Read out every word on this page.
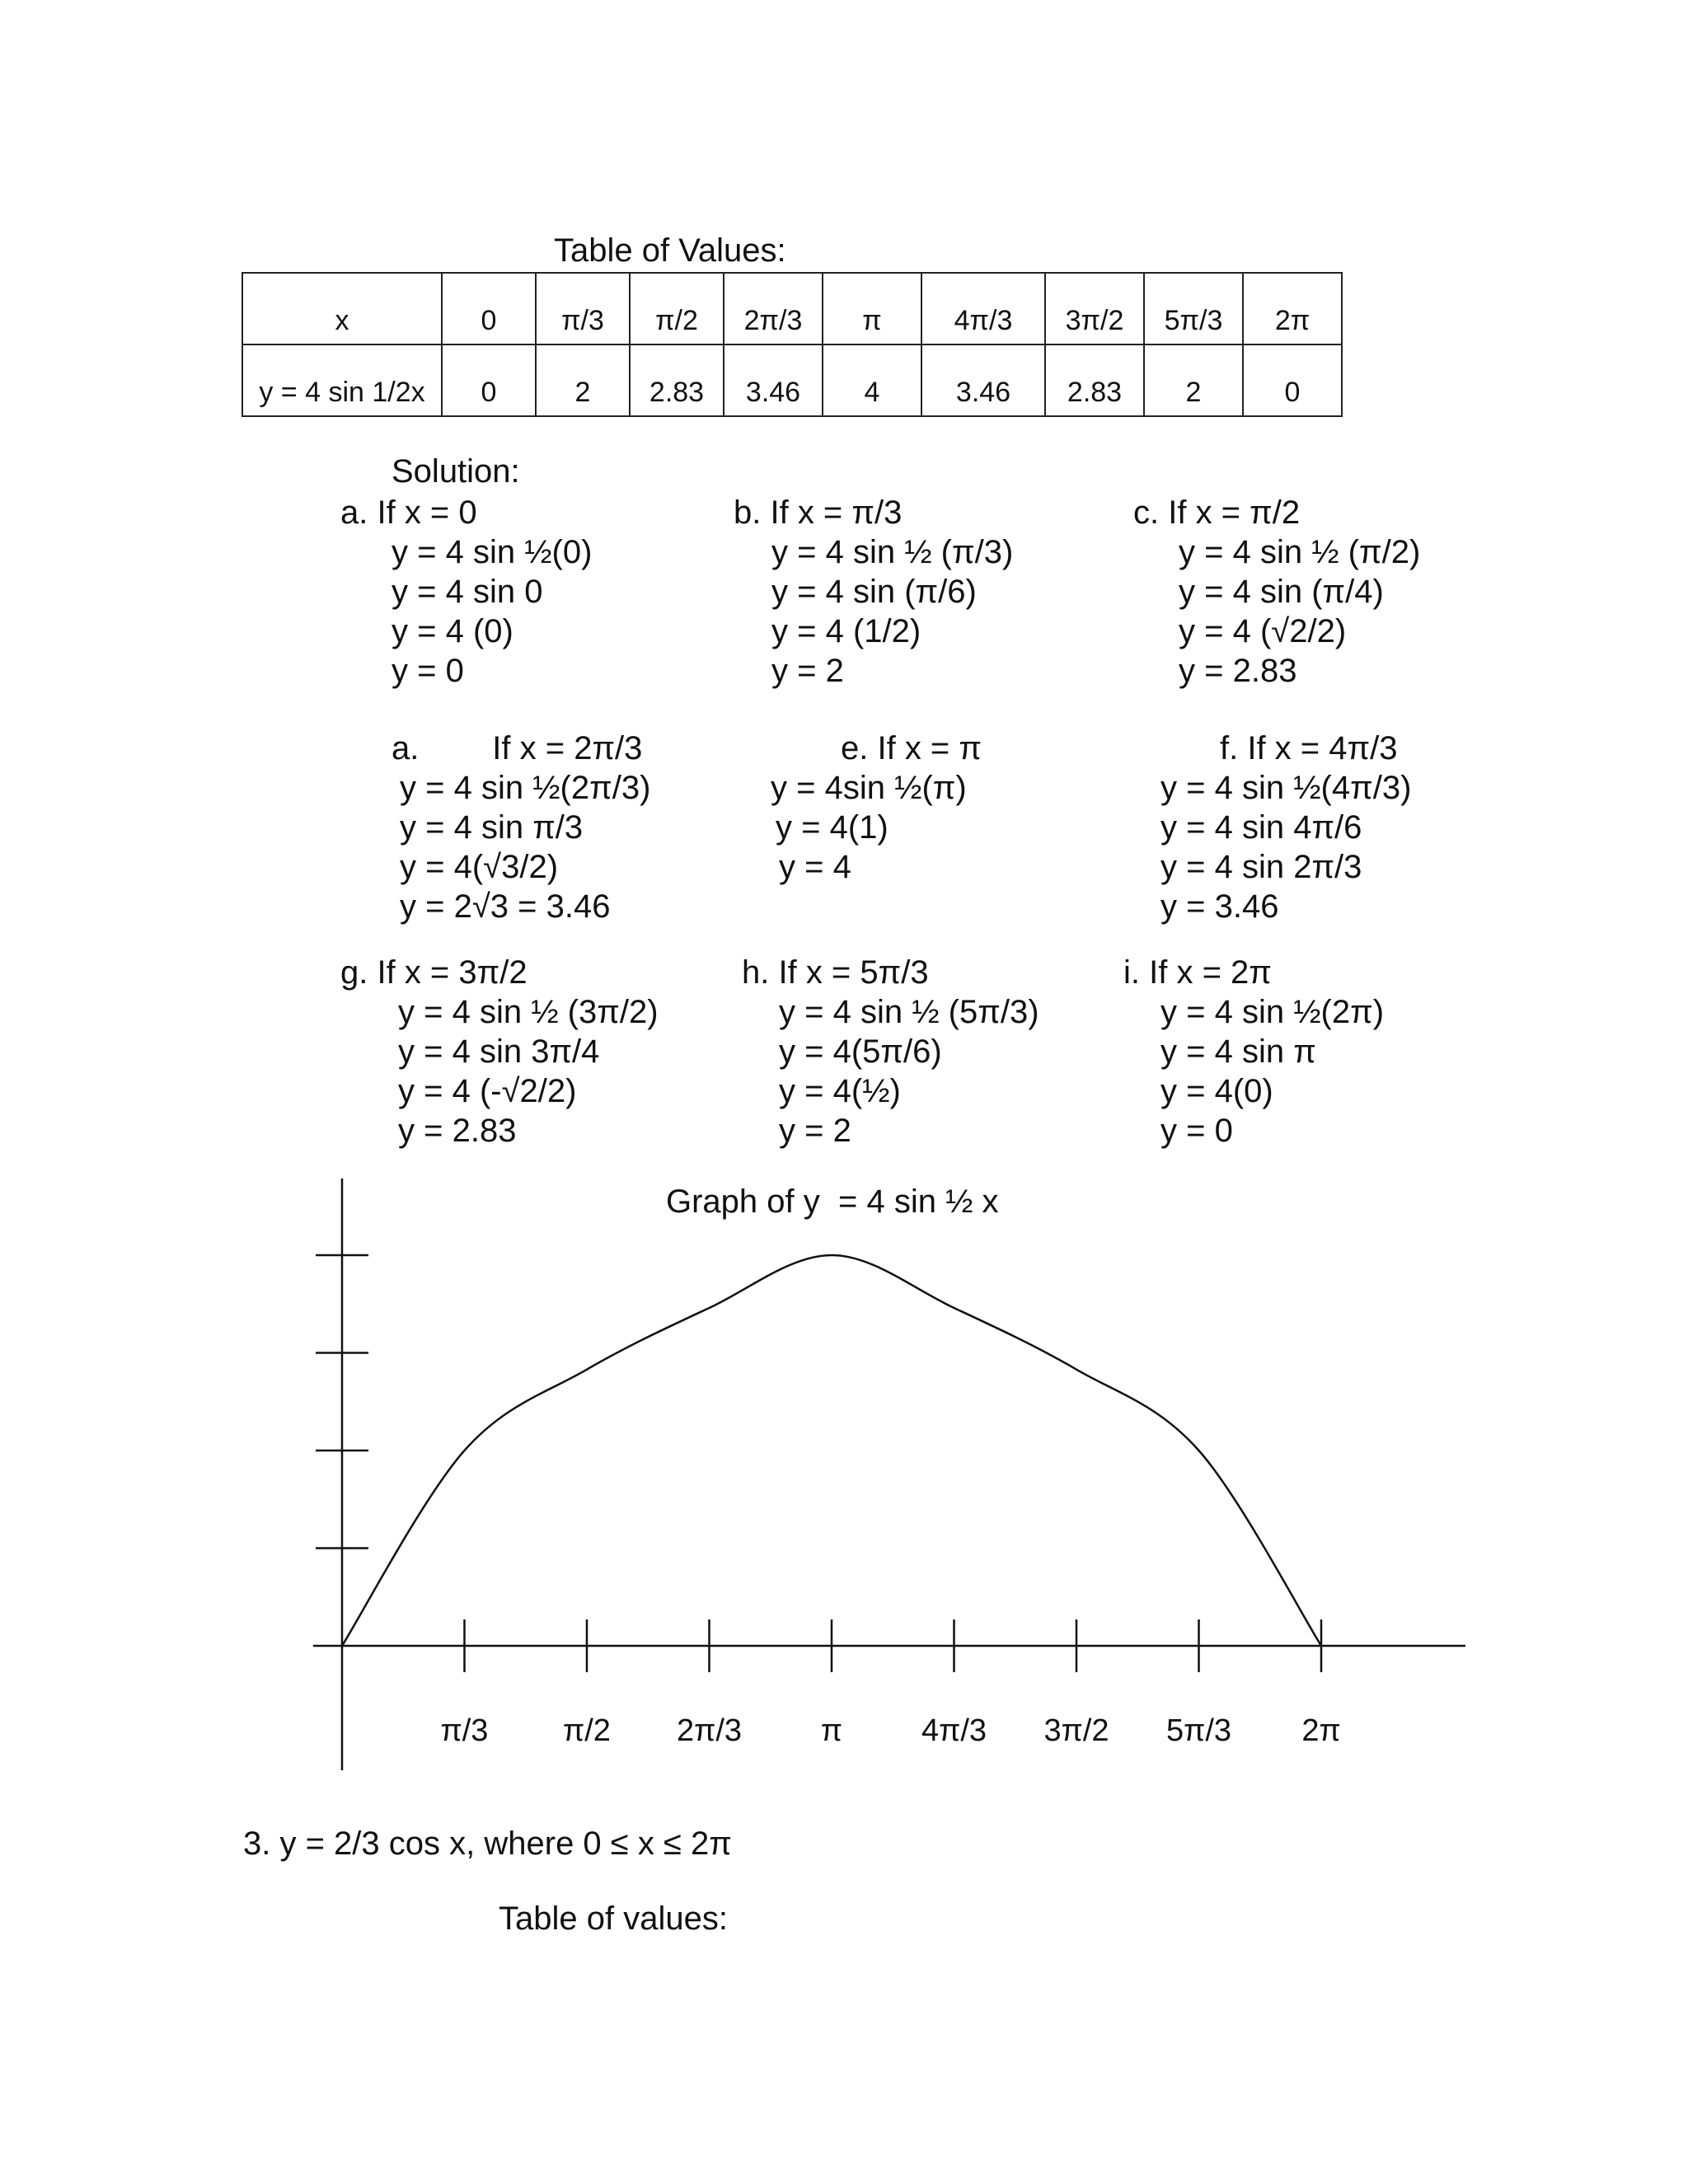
Table of Values:
x	0	π/3	π/2	2π/3	π	4π/3	3π/2	5π/3	2π

y = 4 sin 1/2x	0	2	2.83	3.46	4	3.46	2.83	2	0
Solution:
a. If x = 0
y = 4 sin ½(0)
y = 4 sin 0
y = 4 (0)
y = 0
b. If x = π/3
y = 4 sin ½ (π/3)
y = 4 sin (π/6)
y = 4 (1/2)
y = 2
c. If x = π/2
y = 4 sin ½ (π/2)
y = 4 sin (π/4)
y = 4 (√2/2)
y = 2.83
a.        If x = 2π/3
y = 4 sin ½(2π/3)
y = 4 sin π/3
y = 4(√3/2)
y = 2√3 = 3.46
e. If x = π
y = 4sin ½(π)
y = 4(1)
y = 4
f. If x = 4π/3
y = 4 sin ½(4π/3)
y = 4 sin 4π/6
y = 4 sin 2π/3
y = 3.46
g. If x = 3π/2
y = 4 sin ½ (3π/2)
y = 4 sin 3π/4
y = 4 (-√2/2)
y = 2.83
h. If x = 5π/3
y = 4 sin ½ (5π/3)
y = 4(5π/6)
y = 4(½)
y = 2
i. If x = 2π
y = 4 sin ½(2π)
y = 4 sin π
y = 4(0)
y = 0
Graph of y  = 4 sin ½ x
π/3 π/2 2π/3	π	4π/3 3π/2 5π/3 2π
3. y = 2/3 cos x, where 0 ≤ x ≤ 2π
Table of values:
